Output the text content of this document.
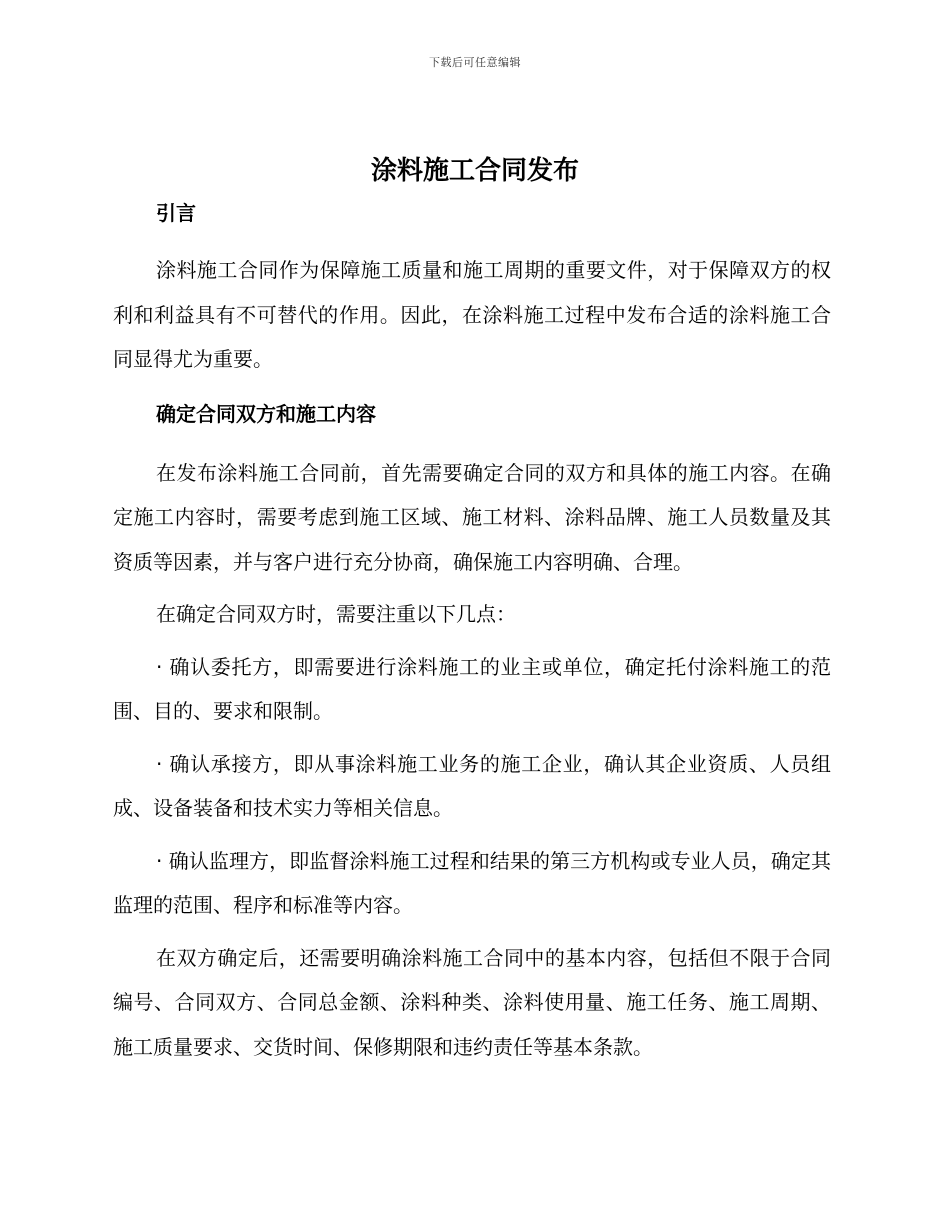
下载后可任意编辑
涂料施工合同发布

引言

涂料施工合同作为保障施工质量和施工周期的重要文件，对于保障双方的权利和利益具有不可替代的作用。因此，在涂料施工过程中发布合适的涂料施工合同显得尤为重要。

确定合同双方和施工内容

在发布涂料施工合同前，首先需要确定合同的双方和具体的施工内容。在确定施工内容时，需要考虑到施工区域、施工材料、涂料品牌、施工人员数量及其资质等因素，并与客户进行充分协商，确保施工内容明确、合理。

在确定合同双方时，需要注重以下几点：

· 确认委托方，即需要进行涂料施工的业主或单位，确定托付涂料施工的范围、目的、要求和限制。

· 确认承接方，即从事涂料施工业务的施工企业，确认其企业资质、人员组成、设备装备和技术实力等相关信息。

· 确认监理方，即监督涂料施工过程和结果的第三方机构或专业人员，确定其监理的范围、程序和标准等内容。

在双方确定后，还需要明确涂料施工合同中的基本内容，包括但不限于合同编号、合同双方、合同总金额、涂料种类、涂料使用量、施工任务、施工周期、施工质量要求、交货时间、保修期限和违约责任等基本条款。
